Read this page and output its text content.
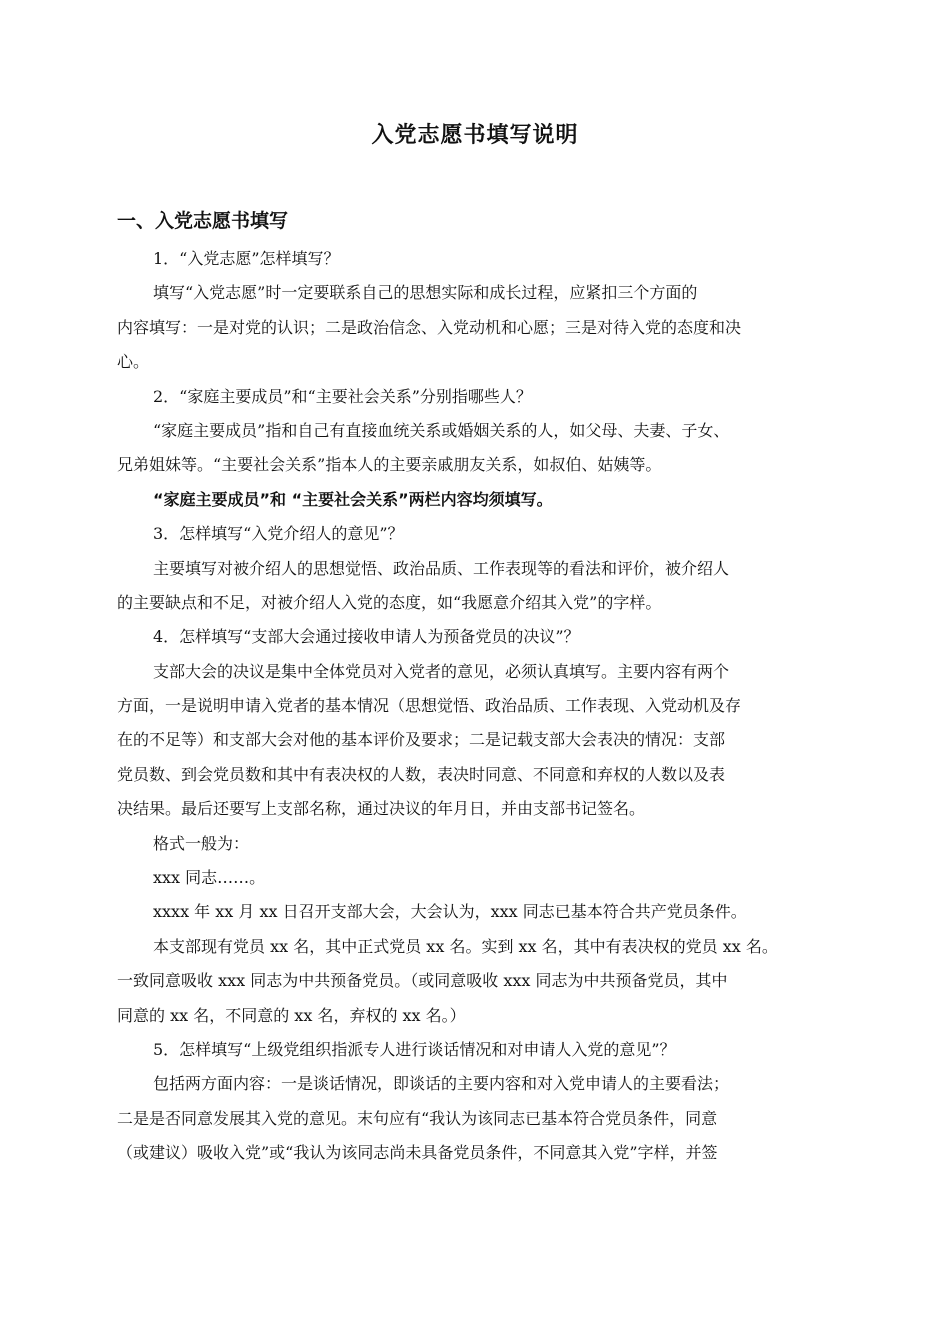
入党志愿书填写说明
一、入党志愿书填写
1．“入党志愿”怎样填写？
填写“入党志愿”时一定要联系自己的思想实际和成长过程，应紧扣三个方面的
内容填写：一是对党的认识；二是政治信念、入党动机和心愿；三是对待入党的态度和决
心。
2．“家庭主要成员”和“主要社会关系”分别指哪些人？
“家庭主要成员”指和自己有直接血统关系或婚姻关系的人，如父母、夫妻、子女、
兄弟姐妹等。“主要社会关系”指本人的主要亲戚朋友关系，如叔伯、姑姨等。
“家庭主要成员”和 “主要社会关系”两栏内容均须填写。
3．怎样填写“入党介绍人的意见”？
主要填写对被介绍人的思想觉悟、政治品质、工作表现等的看法和评价，被介绍人
的主要缺点和不足，对被介绍人入党的态度，如“我愿意介绍其入党”的字样。
4．怎样填写“支部大会通过接收申请人为预备党员的决议”？
支部大会的决议是集中全体党员对入党者的意见，必须认真填写。主要内容有两个
方面，一是说明申请入党者的基本情况（思想觉悟、政治品质、工作表现、入党动机及存
在的不足等）和支部大会对他的基本评价及要求；二是记载支部大会表决的情况：支部
党员数、到会党员数和其中有表决权的人数，表决时同意、不同意和弃权的人数以及表
决结果。最后还要写上支部名称，通过决议的年月日，并由支部书记签名。
格式一般为：
xxx 同志……。
xxxx 年 xx 月 xx 日召开支部大会，大会认为，xxx 同志已基本符合共产党员条件。
本支部现有党员 xx 名，其中正式党员 xx 名。实到 xx 名，其中有表决权的党员 xx 名。
一致同意吸收 xxx 同志为中共预备党员。（或同意吸收 xxx 同志为中共预备党员，其中
同意的 xx 名，不同意的 xx 名，弃权的 xx 名。）
5．怎样填写“上级党组织指派专人进行谈话情况和对申请人入党的意见”？
包括两方面内容：一是谈话情况，即谈话的主要内容和对入党申请人的主要看法；
二是是否同意发展其入党的意见。末句应有“我认为该同志已基本符合党员条件，同意
（或建议）吸收入党”或“我认为该同志尚未具备党员条件，不同意其入党”字样，并签
